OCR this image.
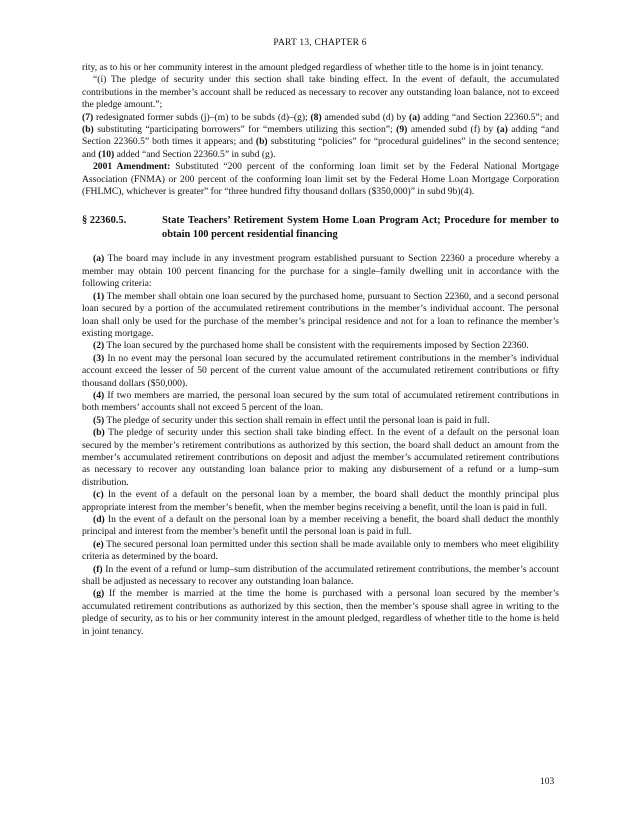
PART 13, CHAPTER 6

rity, as to his or her community interest in the amount pledged regardless of whether title to the home is in joint tenancy.

“(i) The pledge of security under this section shall take binding effect. In the event of default, the accumulated contributions in the member’s account shall be reduced as necessary to recover any outstanding loan balance, not to exceed the pledge amount.”;

(7) redesignated former subds (j)–(m) to be subds (d)–(g); (8) amended subd (d) by (a) adding “and Section 22360.5”; and (b) substituting “participating borrowers” for “members utilizing this section”; (9) amended subd (f) by (a) adding “and Section 22360.5” both times it appears; and (b) substituting “policies” for “procedural guidelines” in the second sentence; and (10) added “and Section 22360.5” in subd (g).

2001 Amendment: Substituted “200 percent of the conforming loan limit set by the Federal National Mortgage Association (FNMA) or 200 percent of the conforming loan limit set by the Federal Home Loan Mortgage Corporation (FHLMC), whichever is greater” for “three hundred fifty thousand dollars ($350,000)” in subd 9b)(4).

§ 22360.5.	State Teachers’ Retirement System Home Loan Program Act; Procedure for member to obtain 100 percent residential financing

(a) The board may include in any investment program established pursuant to Section 22360 a procedure whereby a member may obtain 100 percent financing for the purchase for a single–family dwelling unit in accordance with the following criteria:

(1) The member shall obtain one loan secured by the purchased home, pursuant to Section 22360, and a second personal loan secured by a portion of the accumulated retirement contributions in the member’s individual account. The personal loan shall only be used for the purchase of the member’s principal residence and not for a loan to refinance the member’s existing mortgage.

(2) The loan secured by the purchased home shall be consistent with the requirements imposed by Section 22360.

(3) In no event may the personal loan secured by the accumulated retirement contributions in the member’s individual account exceed the lesser of 50 percent of the current value amount of the accumulated retirement contributions or fifty thousand dollars ($50,000).

(4) If two members are married, the personal loan secured by the sum total of accumulated retirement contributions in both members’ accounts shall not exceed 5 percent of the loan.

(5) The pledge of security under this section shall remain in effect until the personal loan is paid in full.

(b) The pledge of security under this section shall take binding effect. In the event of a default on the personal loan secured by the member’s retirement contributions as authorized by this section, the board shall deduct an amount from the member’s accumulated retirement contributions on deposit and adjust the member’s accumulated retirement contributions as necessary to recover any outstanding loan balance prior to making any disbursement of a refund or a lump–sum distribution.

(c) In the event of a default on the personal loan by a member, the board shall deduct the monthly principal plus appropriate interest from the member’s benefit, when the member begins receiving a benefit, until the loan is paid in full.

(d) In the event of a default on the personal loan by a member receiving a benefit, the board shall deduct the monthly principal and interest from the member’s benefit until the personal loan is paid in full.

(e) The secured personal loan permitted under this section shall be made available only to members who meet eligibility criteria as determined by the board.

(f) In the event of a refund or lump–sum distribution of the accumulated retirement contributions, the member’s account shall be adjusted as necessary to recover any outstanding loan balance.

(g) If the member is married at the time the home is purchased with a personal loan secured by the member’s accumulated retirement contributions as authorized by this section, then the member’s spouse shall agree in writing to the pledge of security, as to his or her community interest in the amount pledged, regardless of whether title to the home is held in joint tenancy.

103
